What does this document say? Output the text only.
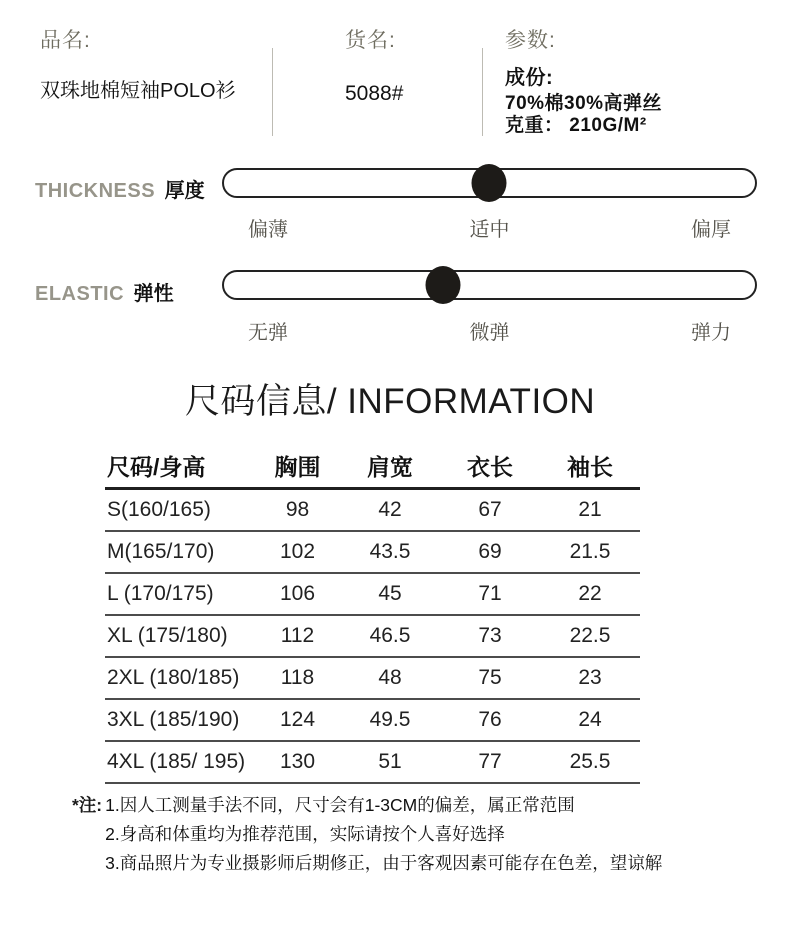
品名:
双珠地棉短袖POLO衫
货名:
5088#
参数:
成份:
70%棉30%高弹丝
克重： 210G/M²
THICKNESS 厚度
偏薄	适中	偏厚
ELASTIC 弹性
无弹	微弹	弹力
尺码信息/ INFORMATION
尺码/身高	胸围	肩宽	衣长	袖长
S(160/165)	98	42	67	21
M(165/170)	102	43.5	69	21.5
L (170/175)	106	45	71	22
XL (175/180)	112	46.5	73	22.5
2XL (180/185)	118	48	75	23
3XL (185/190)	124	49.5	76	24
4XL (185/ 195)	130	51	77	25.5
*注: 1.因人工测量手法不同，尺寸会有1-3CM的偏差，属正常范围
2.身高和体重均为推荐范围，实际请按个人喜好选择
3.商品照片为专业摄影师后期修正，由于客观因素可能存在色差，望谅解
